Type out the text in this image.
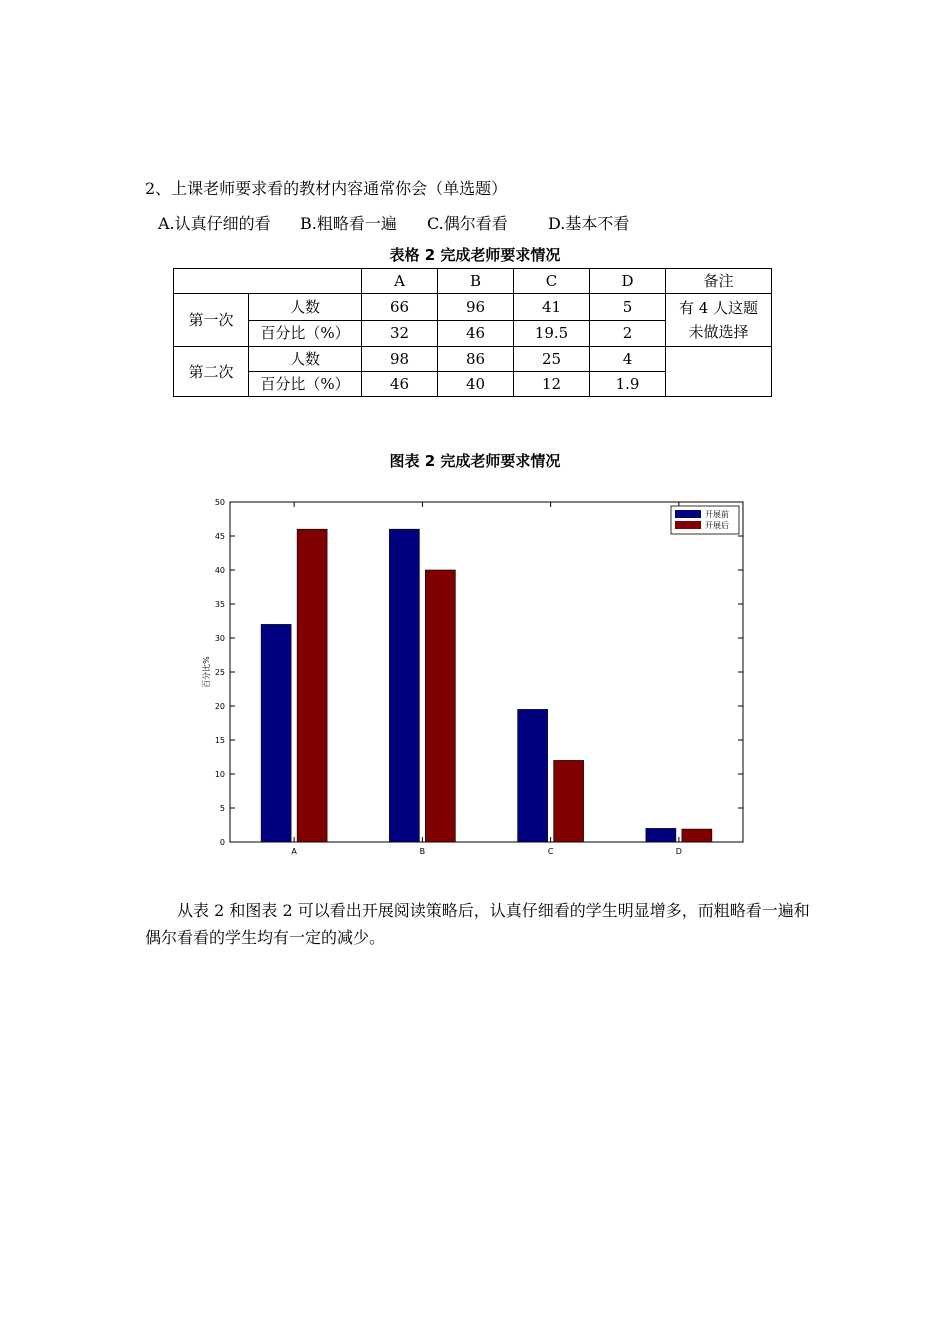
2、上课老师要求看的教材内容通常你会（单选题）
A.认真仔细的看 B.粗略看一遍 C.偶尔看看	D.基本不看
表格 2 完成老师要求情况
		A	B	C	D	备注
第一次	人数	66	96	41	5	有 4 人这题未做选择
	百分比（%）	32	46	19.5	2	
第二次	人数	98	86	25	4	
	百分比（%）	46	40	12	1.9	
图表 2 完成老师要求情况
0
5
10
15
20
25
30
35
40
45
50
百分比%
A	B	C	D
开展前
开展后
从表 2 和图表 2 可以看出开展阅读策略后，认真仔细看的学生明显增多，而粗略看一遍和偶尔看看的学生均有一定的减少。
